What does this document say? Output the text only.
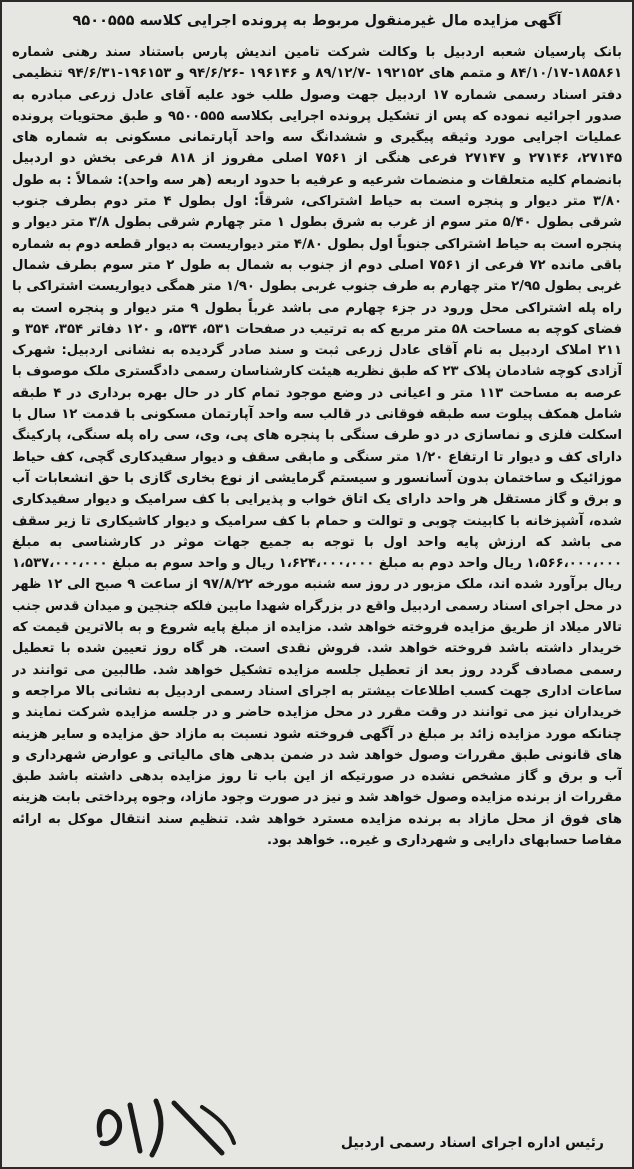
آگهی مزایده مال غیرمنقول مربوط به پرونده اجرایی کلاسه ۹۵۰۰۵۵۵

بانک پارسیان شعبه اردبیل با وکالت شرکت تامین اندیش پارس باستناد سند رهنی شماره ۱۸۵۸۶۱-۸۴/۱۰/۱۷ و متمم های ۱۹۲۱۵۲ -۸۹/۱۲/۷ و ۱۹۶۱۴۶ -۹۴/۶/۲۶ و ۱۹۶۱۵۳-۹۴/۶/۳۱ تنظیمی دفتر اسناد رسمی شماره ۱۷ اردبیل جهت وصول طلب خود علیه آقای عادل زرعی مبادره به صدور اجرائیه نموده که پس از تشکیل پرونده اجرایی بکلاسه ۹۵۰۰۵۵۵ و طبق محتویات پرونده عملیات اجرایی مورد وثیقه پیگیری و ششدانگ سه واحد آپارتمانی مسکونی به شماره های ۲۷۱۴۵، ۲۷۱۴۶ و ۲۷۱۴۷ فرعی هنگی از ۷۵۶۱ اصلی مفروز از ۸۱۸ فرعی بخش دو اردبیل بانضمام کلیه متعلقات و منضمات شرعیه و عرفیه با حدود اربعه (هر سه واحد): شمالاً : به طول ۳/۸۰ متر دیوار و پنجره است به حیاط اشتراکی، شرقاً: اول بطول ۴ متر دوم بطرف جنوب شرقی بطول ۵/۴۰ متر سوم از غرب به شرق بطول ۱ متر چهارم شرقی بطول ۳/۸ متر دیوار و پنجره است به حیاط اشتراکی جنوباً اول بطول ۴/۸۰ متر دیواریست به دیوار قطعه دوم به شماره باقی مانده ۷۲ فرعی از ۷۵۶۱ اصلی دوم از جنوب به شمال به طول ۲ متر سوم بطرف شمال غربی بطول ۲/۹۵ متر چهارم به طرف جنوب غربی بطول ۱/۹۰ متر همگی دیواریست اشتراکی با راه پله اشتراکی محل ورود در جزء چهارم می باشد غرباً بطول ۹ متر دیوار و پنجره است به فضای کوچه به مساحت ۵۸ متر مربع که به ترتیب در صفحات ۵۳۱، ۵۳۴، و ۱۲۰ دفاتر ۳۵۴، ۳۵۴ و ۲۱۱ املاک اردبیل به نام آقای عادل زرعی ثبت و سند صادر گردیده به نشانی اردبیل: شهرک آزادی کوچه شادمان پلاک ۲۳ که طبق نظریه هیئت کارشناسان رسمی دادگستری ملک موصوف با عرصه به مساحت ۱۱۳ متر و اعیانی در وضع موجود تمام کار در حال بهره برداری در ۴ طبقه شامل همکف پیلوت سه طبقه فوقانی در قالب سه واحد آپارتمان مسکونی با قدمت ۱۲ سال با اسکلت فلزی و نماسازی در دو طرف سنگی با پنجره های پی، وی، سی راه پله سنگی، پارکینگ دارای کف و دیوار تا ارتفاع ۱/۲۰ متر سنگی و مابقی سقف و دیوار سفیدکاری گچی، کف حیاط موزائیک و ساختمان بدون آسانسور و سیستم گرمایشی از نوع بخاری گازی با حق انشعابات آب و برق و گاز مستقل هر واحد دارای یک اتاق خواب و پذیرایی با کف سرامیک و دیوار سفیدکاری شده، آشپزخانه با کابینت چوبی و توالت و حمام با کف سرامیک و دیوار کاشیکاری تا زیر سقف می باشد که ارزش پایه واحد اول با توجه به جمیع جهات موثر در کارشناسی به مبلغ ۱،۵۶۶،۰۰۰،۰۰۰ ریال واحد دوم به مبلغ ۱،۶۲۴،۰۰۰،۰۰۰ ریال و واحد سوم به مبلغ ۱،۵۳۷،۰۰۰،۰۰۰ ریال برآورد شده اند، ملک مزبور در روز سه شنبه مورخه ۹۷/۸/۲۲ از ساعت ۹ صبح الی ۱۲ ظهر در محل اجرای اسناد رسمی اردبیل واقع در بزرگراه شهدا مابین فلکه جنجین و میدان قدس جنب تالار میلاد از طریق مزایده فروخته خواهد شد. مزایده از مبلغ پایه شروع و به بالاترین قیمت که خریدار داشته باشد فروخته خواهد شد. فروش نقدی است. هر گاه روز تعیین شده با تعطیل رسمی مصادف گردد روز بعد از تعطیل جلسه مزایده تشکیل خواهد شد. طالبین می توانند در ساعات اداری جهت کسب اطلاعات بیشتر به اجرای اسناد رسمی اردبیل به نشانی بالا مراجعه و خریداران نیز می توانند در وقت مقرر در محل مزایده حاضر و در جلسه مزایده شرکت نمایند و چنانکه مورد مزایده زائد بر مبلغ در آگهی فروخته شود نسبت به مازاد حق مزایده و سایر هزینه های قانونی طبق مقررات وصول خواهد شد در ضمن بدهی های مالیاتی و عوارض شهرداری و آب و برق و گاز مشخص نشده در صورتیکه از این باب تا روز مزایده بدهی داشته باشد طبق مقررات از برنده مزایده وصول خواهد شد و نیز در صورت وجود مازاد، وجوه پرداختی بابت هزینه های فوق از محل مازاد به برنده مزایده مسترد خواهد شد. تنظیم سند انتقال موکل به ارائه مفاصا حسابهای دارایی و شهرداری و غیره.. خواهد بود.

رئیس اداره اجرای اسناد رسمی اردبیل
